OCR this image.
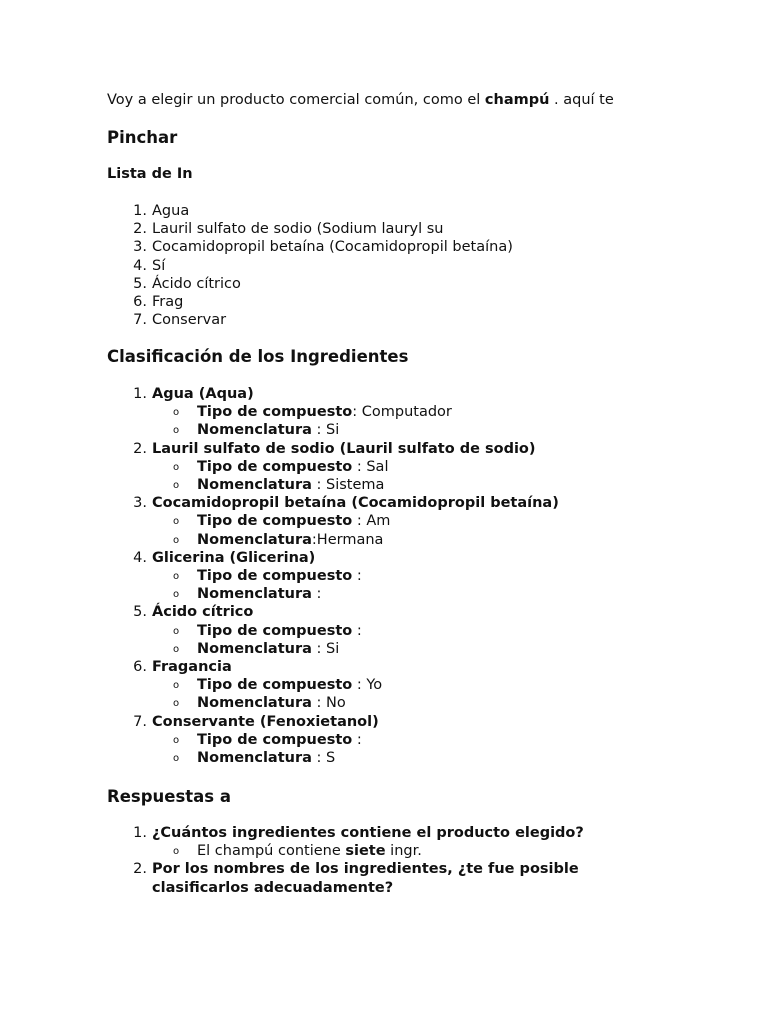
Voy a elegir un producto comercial común, como el champú . aquí te
Pinchar
Lista de In
1. Agua
2. Lauril sulfato de sodio (Sodium lauryl su
3. Cocamidopropil betaína (Cocamidopropil betaína)
4. Sí
5. Ácido cítrico
6. Frag
7. Conservar
Clasificación de los Ingredientes
1. Agua (Aqua)
o Tipo de compuesto: Computador
o Nomenclatura : Si
2. Lauril sulfato de sodio (Lauril sulfato de sodio)
o Tipo de compuesto : Sal
o Nomenclatura : Sistema
3. Cocamidopropil betaína (Cocamidopropil betaína)
o Tipo de compuesto : Am
o Nomenclatura:Hermana
4. Glicerina (Glicerina)
o Tipo de compuesto :
o Nomenclatura :
5. Ácido cítrico
o Tipo de compuesto :
o Nomenclatura : Si
6. Fragancia
o Tipo de compuesto : Yo
o Nomenclatura : No
7. Conservante (Fenoxietanol)
o Tipo de compuesto :
o Nomenclatura : S
Respuestas a
1. ¿Cuántos ingredientes contiene el producto elegido?
o El champú contiene siete ingr.
2. Por los nombres de los ingredientes, ¿te fue posible
clasificarlos adecuadamente?
